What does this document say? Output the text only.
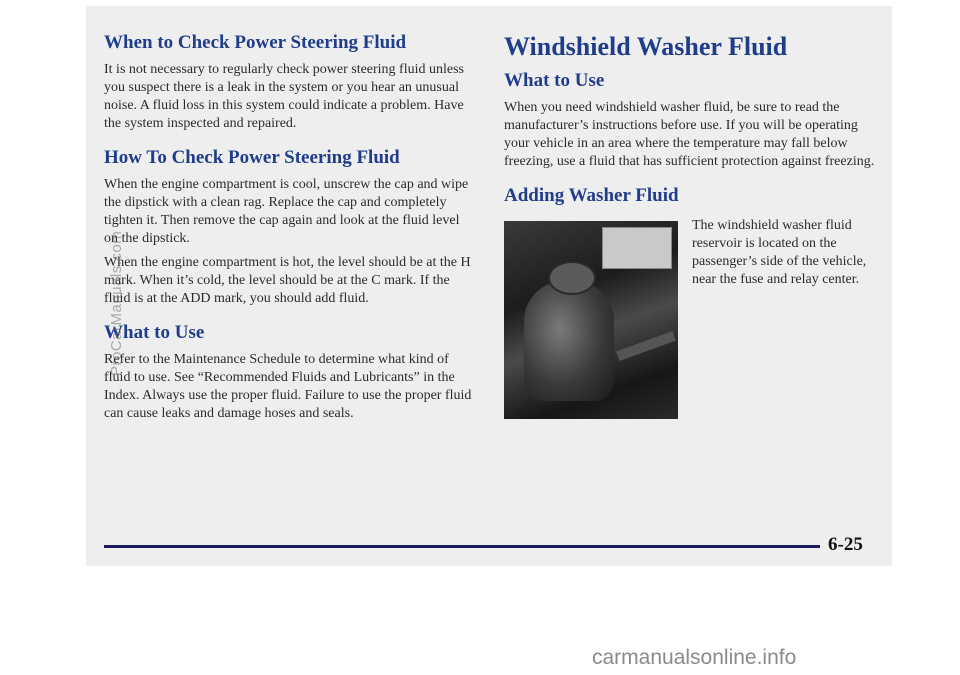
When to Check Power Steering Fluid

It is not necessary to regularly check power steering fluid unless you suspect there is a leak in the system or you hear an unusual noise. A fluid loss in this system could indicate a problem. Have the system inspected and repaired.

How To Check Power Steering Fluid

When the engine compartment is cool, unscrew the cap and wipe the dipstick with a clean rag. Replace the cap and completely tighten it. Then remove the cap again and look at the fluid level on the dipstick.

When the engine compartment is hot, the level should be at the H mark. When it’s cold, the level should be at the C mark. If the fluid is at the ADD mark, you should add fluid.

What to Use

Refer to the Maintenance Schedule to determine what kind of fluid to use. See “Recommended Fluids and Lubricants” in the Index. Always use the proper fluid. Failure to use the proper fluid can cause leaks and damage hoses and seals.

Windshield Washer Fluid
What to Use

When you need windshield washer fluid, be sure to read the manufacturer’s instructions before use. If you will be operating your vehicle in an area where the temperature may fall below freezing, use a fluid that has sufficient protection against freezing.

Adding Washer Fluid

The windshield washer fluid reservoir is located on the passenger’s side of the vehicle, near the fuse and relay center.

6-25
ProCarManuals.com
carmanualsonline.info
